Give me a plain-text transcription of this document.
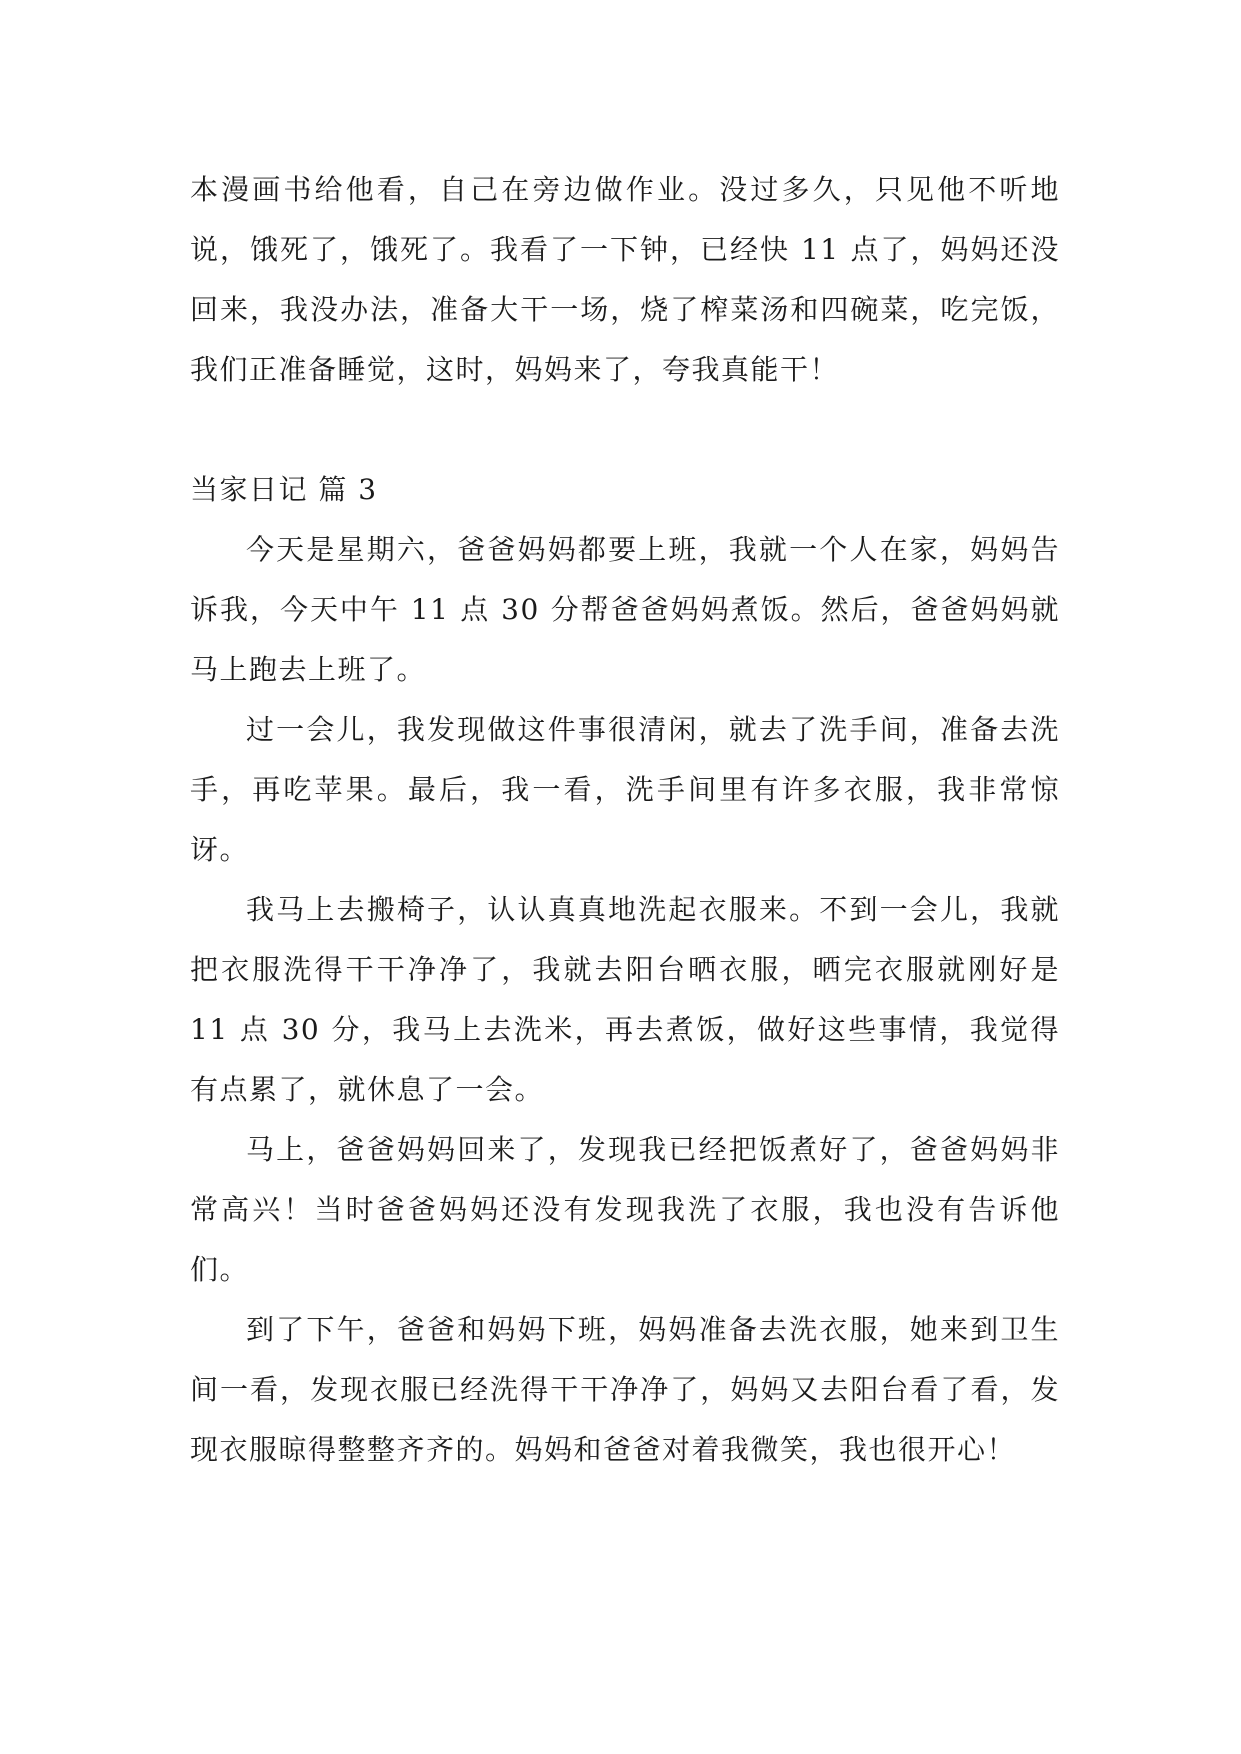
本漫画书给他看，自己在旁边做作业。没过多久，只见他不听地说，饿死了，饿死了。我看了一下钟，已经快 11 点了，妈妈还没回来，我没办法，准备大干一场，烧了榨菜汤和四碗菜，吃完饭，我们正准备睡觉，这时，妈妈来了，夸我真能干！

当家日记 篇 3

今天是星期六，爸爸妈妈都要上班，我就一个人在家，妈妈告诉我，今天中午 11 点 30 分帮爸爸妈妈煮饭。然后，爸爸妈妈就马上跑去上班了。

过一会儿，我发现做这件事很清闲，就去了洗手间，准备去洗手，再吃苹果。最后，我一看，洗手间里有许多衣服，我非常惊讶。

我马上去搬椅子，认认真真地洗起衣服来。不到一会儿，我就把衣服洗得干干净净了，我就去阳台晒衣服，晒完衣服就刚好是 11 点 30 分，我马上去洗米，再去煮饭，做好这些事情，我觉得有点累了，就休息了一会。

马上，爸爸妈妈回来了，发现我已经把饭煮好了，爸爸妈妈非常高兴！当时爸爸妈妈还没有发现我洗了衣服，我也没有告诉他们。

到了下午，爸爸和妈妈下班，妈妈准备去洗衣服，她来到卫生间一看，发现衣服已经洗得干干净净了，妈妈又去阳台看了看，发现衣服晾得整整齐齐的。妈妈和爸爸对着我微笑，我也很开心！
